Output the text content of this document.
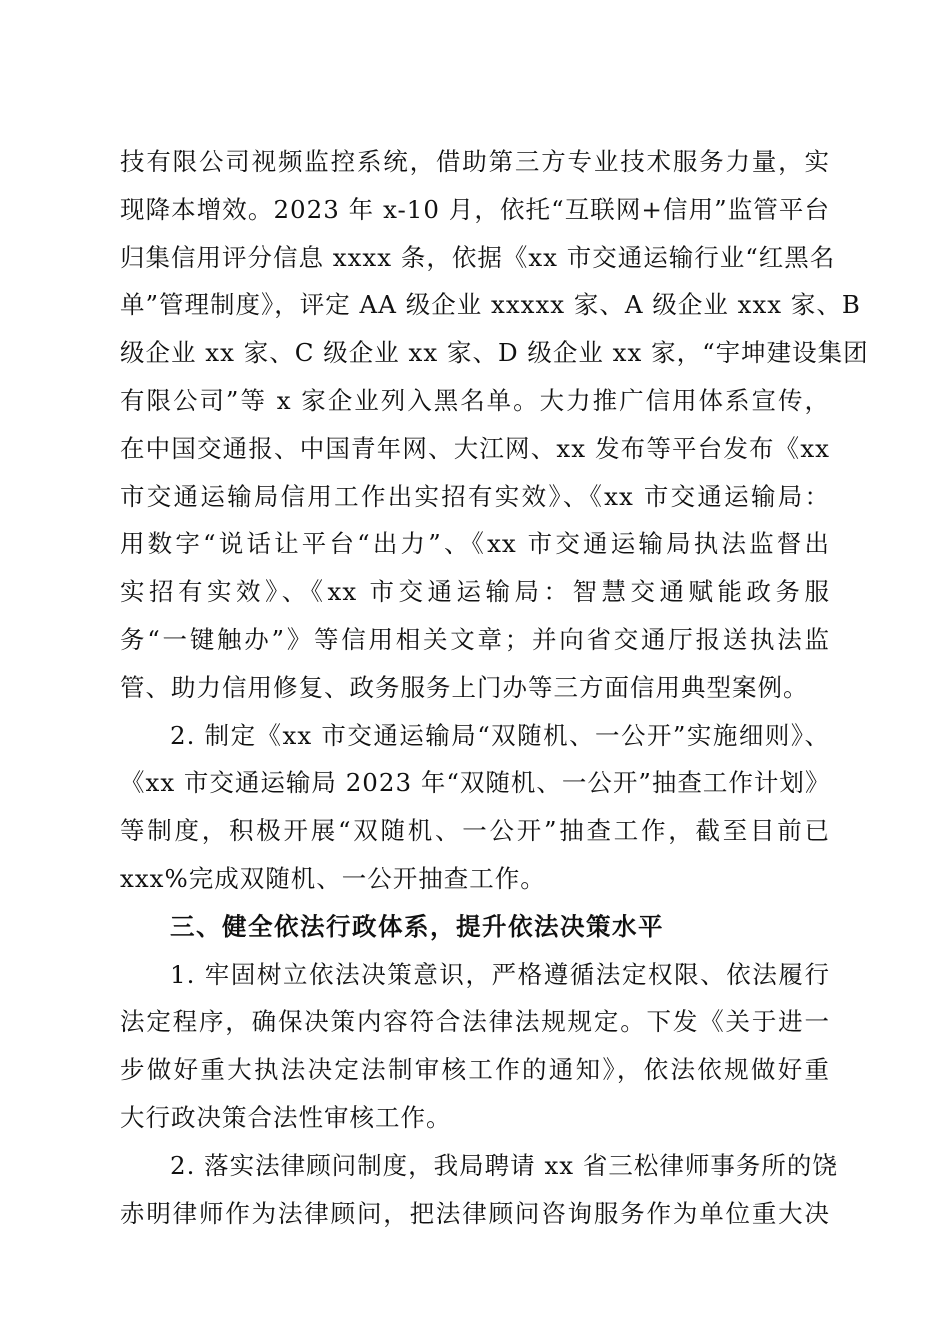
技有限公司视频监控系统，借助第三方专业技术服务力量，实
现降本增效。2023 年 x-10 月，依托“互联网+信用”监管平台
归集信用评分信息 xxxx 条，依据《xx 市交通运输行业“红黑名
单”管理制度》，评定 AA 级企业 xxxxx 家、A 级企业 xxx 家、B
级企业 xx 家、C 级企业 xx 家、D 级企业 xx 家，“宇坤建设集团
有限公司”等 x 家企业列入黑名单。大力推广信用体系宣传，
在中国交通报、中国青年网、大江网、xx 发布等平台发布《xx
市交通运输局信用工作出实招有实效》、《xx 市交通运输局：
用数字“说话让平台“出力”、《xx 市交通运输局执法监督出
实招有实效》、《xx 市交通运输局：智慧交通赋能政务服
务“一键触办”》等信用相关文章；并向省交通厅报送执法监
管、助力信用修复、政务服务上门办等三方面信用典型案例。
2. 制定《xx 市交通运输局“双随机、一公开”实施细则》、
《xx 市交通运输局 2023 年“双随机、一公开”抽查工作计划》
等制度，积极开展“双随机、一公开”抽查工作，截至目前已
xxx%完成双随机、一公开抽查工作。
三、健全依法行政体系，提升依法决策水平
1. 牢固树立依法决策意识，严格遵循法定权限、依法履行
法定程序，确保决策内容符合法律法规规定。下发《关于进一
步做好重大执法决定法制审核工作的通知》，依法依规做好重
大行政决策合法性审核工作。
2. 落实法律顾问制度，我局聘请 xx 省三松律师事务所的饶
赤明律师作为法律顾问，把法律顾问咨询服务作为单位重大决
